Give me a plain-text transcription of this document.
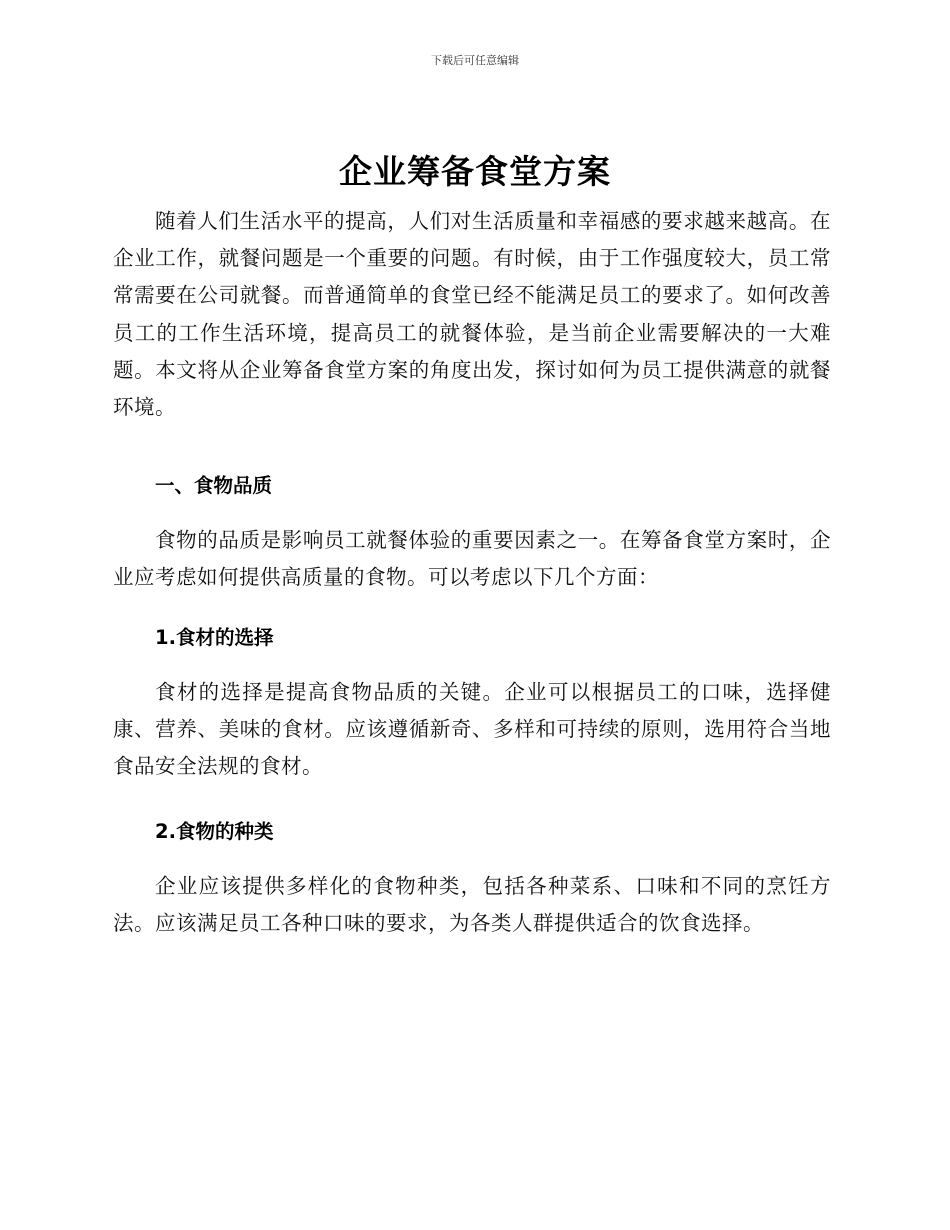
下载后可任意编辑
企业筹备食堂方案

随着人们生活水平的提高，人们对生活质量和幸福感的要求越来越高。在企业工作，就餐问题是一个重要的问题。有时候，由于工作强度较大，员工常常需要在公司就餐。而普通简单的食堂已经不能满足员工的要求了。如何改善员工的工作生活环境，提高员工的就餐体验，是当前企业需要解决的一大难题。本文将从企业筹备食堂方案的角度出发，探讨如何为员工提供满意的就餐环境。

一、食物品质

食物的品质是影响员工就餐体验的重要因素之一。在筹备食堂方案时，企业应考虑如何提供高质量的食物。可以考虑以下几个方面：

1.食材的选择

食材的选择是提高食物品质的关键。企业可以根据员工的口味，选择健康、营养、美味的食材。应该遵循新奇、多样和可持续的原则，选用符合当地食品安全法规的食材。

2.食物的种类

企业应该提供多样化的食物种类，包括各种菜系、口味和不同的烹饪方法。应该满足员工各种口味的要求，为各类人群提供适合的饮食选择。
